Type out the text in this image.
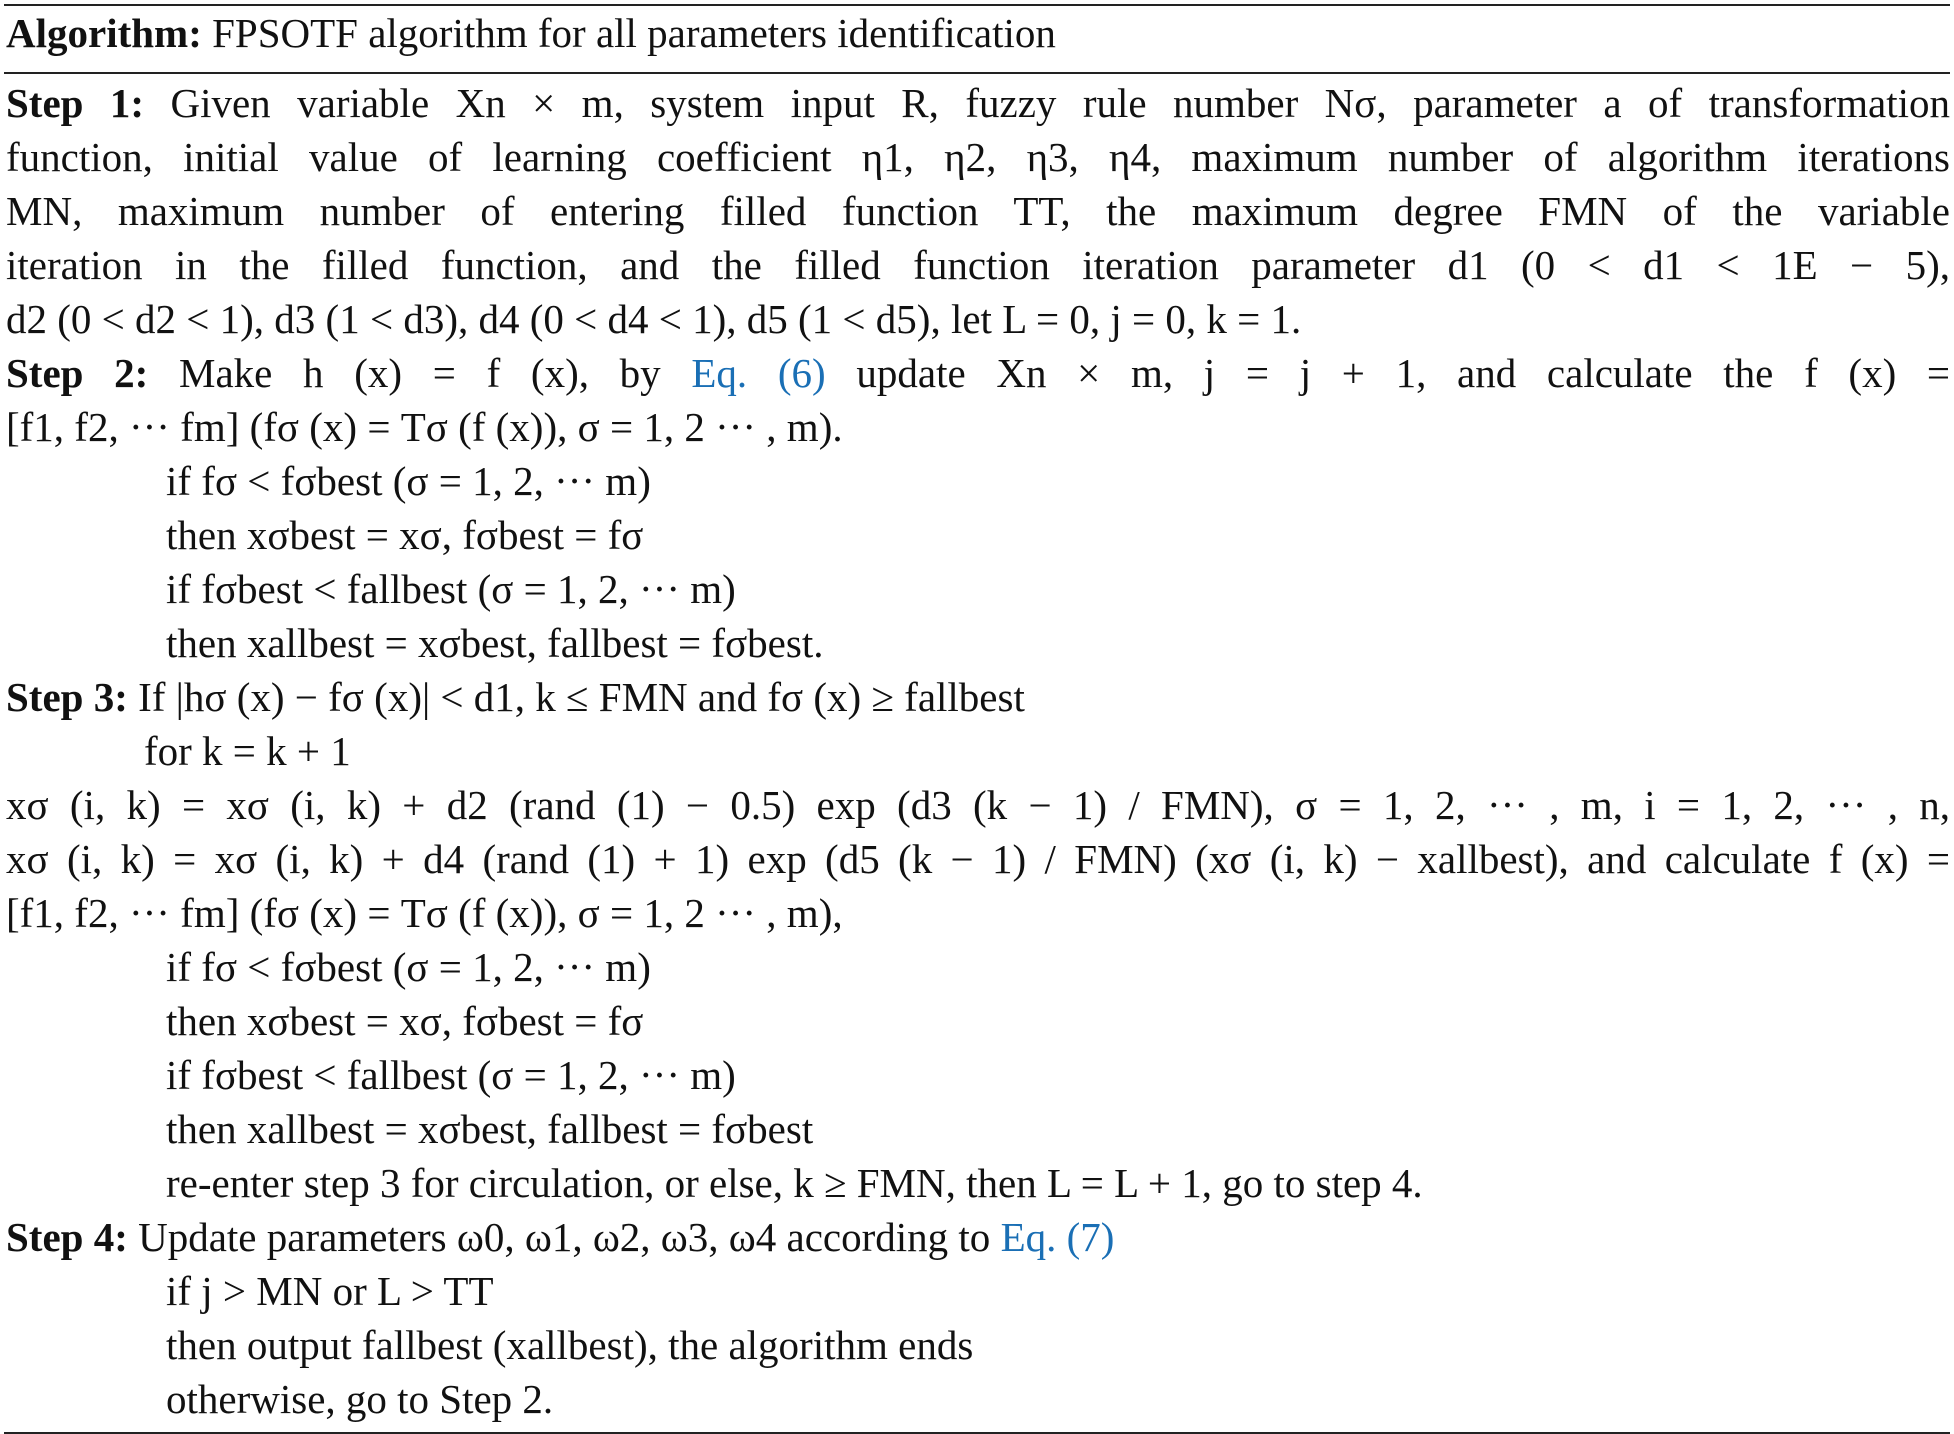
Algorithm: FPSOTF algorithm for all parameters identification
Step 1: Given variable Xn × m, system input R, fuzzy rule number Nσ, parameter a of transformation
function, initial value of learning coefficient η1, η2, η3, η4, maximum number of algorithm iterations
MN, maximum number of entering filled function TT, the maximum degree FMN of the variable
iteration in the filled function, and the filled function iteration parameter d1 (0 < d1 < 1E − 5),
d2 (0 < d2 < 1), d3 (1 < d3), d4 (0 < d4 < 1), d5 (1 < d5), let L = 0, j = 0, k = 1.
Step 2: Make h (x) = f (x), by Eq. (6) update Xn × m, j = j + 1, and calculate the f (x) =
[f1, f2, ··· fm] (fσ (x) = Tσ (f (x)), σ = 1, 2 ··· , m).
if fσ < fσbest (σ = 1, 2, ··· m)
then xσbest = xσ, fσbest = fσ
if fσbest < fallbest (σ = 1, 2, ··· m)
then xallbest = xσbest, fallbest = fσbest.
Step 3: If |hσ (x) − fσ (x)| < d1, k ≤ FMN and fσ (x) ≥ fallbest
for k = k + 1
xσ (i, k) = xσ (i, k) + d2 (rand (1) − 0.5) exp (d3 (k − 1) / FMN), σ = 1, 2, ··· , m, i = 1, 2, ··· , n,
xσ (i, k) = xσ (i, k) + d4 (rand (1) + 1) exp (d5 (k − 1) / FMN) (xσ (i, k) − xallbest), and calculate f (x) =
[f1, f2, ··· fm] (fσ (x) = Tσ (f (x)), σ = 1, 2 ··· , m),
if fσ < fσbest (σ = 1, 2, ··· m)
then xσbest = xσ, fσbest = fσ
if fσbest < fallbest (σ = 1, 2, ··· m)
then xallbest = xσbest, fallbest = fσbest
re-enter step 3 for circulation, or else, k ≥ FMN, then L = L + 1, go to step 4.
Step 4: Update parameters ω0, ω1, ω2, ω3, ω4 according to Eq. (7)
if j > MN or L > TT
then output fallbest (xallbest), the algorithm ends
otherwise, go to Step 2.
